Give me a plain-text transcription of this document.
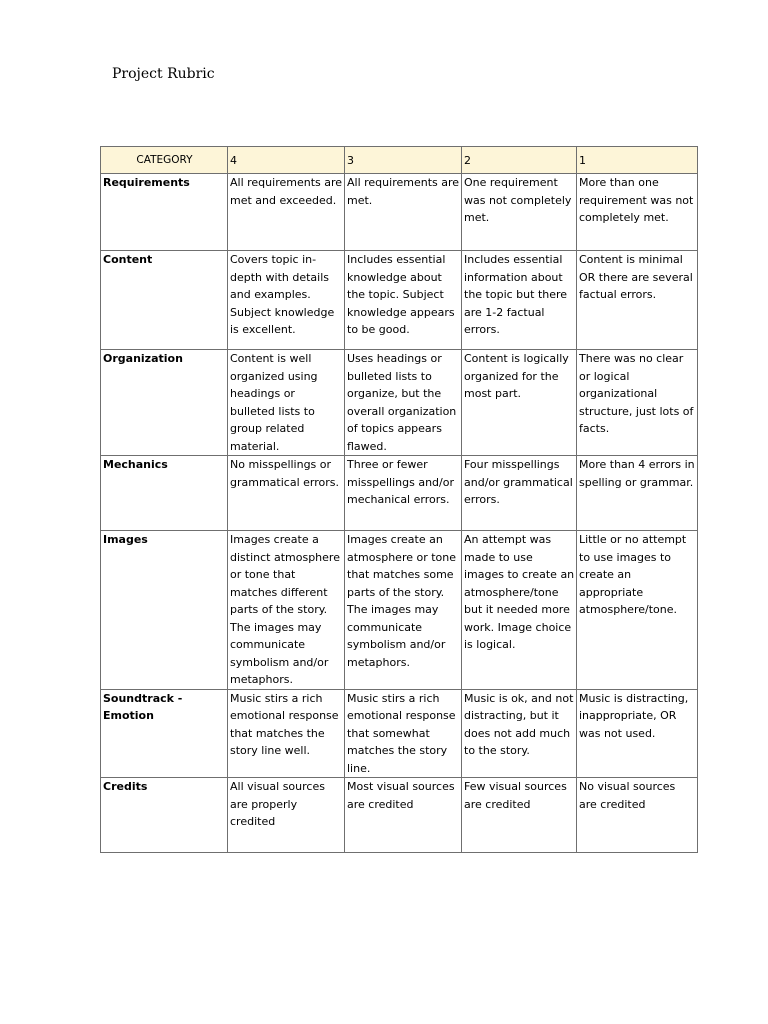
Project Rubric
CATEGORY	4	3	2	1
Requirements	All requirements are met and exceeded.	All requirements are met.	One requirement was not completely met.	More than one requirement was not completely met.
Content	Covers topic in-depth with details and examples. Subject knowledge is excellent.	Includes essential knowledge about the topic. Subject knowledge appears to be good.	Includes essential information about the topic but there are 1-2 factual errors.	Content is minimal OR there are several factual errors.
Organization	Content is well organized using headings or bulleted lists to group related material.	Uses headings or bulleted lists to organize, but the overall organization of topics appears flawed.	Content is logically organized for the most part.	There was no clear or logical organizational structure, just lots of facts.
Mechanics	No misspellings or grammatical errors.	Three or fewer misspellings and/or mechanical errors.	Four misspellings and/or grammatical errors.	More than 4 errors in spelling or grammar.
Images	Images create a distinct atmosphere or tone that matches different parts of the story. The images may communicate symbolism and/or metaphors.	Images create an atmosphere or tone that matches some parts of the story. The images may communicate symbolism and/or metaphors.	An attempt was made to use images to create an atmosphere/tone but it needed more work. Image choice is logical.	Little or no attempt to use images to create an appropriate atmosphere/tone.
Soundtrack - Emotion	Music stirs a rich emotional response that matches the story line well.	Music stirs a rich emotional response that somewhat matches the story line.	Music is ok, and not distracting, but it does not add much to the story.	Music is distracting, inappropriate, OR was not used.
Credits	All visual sources are properly credited	Most visual sources are credited	Few visual sources are credited	No visual sources are credited
